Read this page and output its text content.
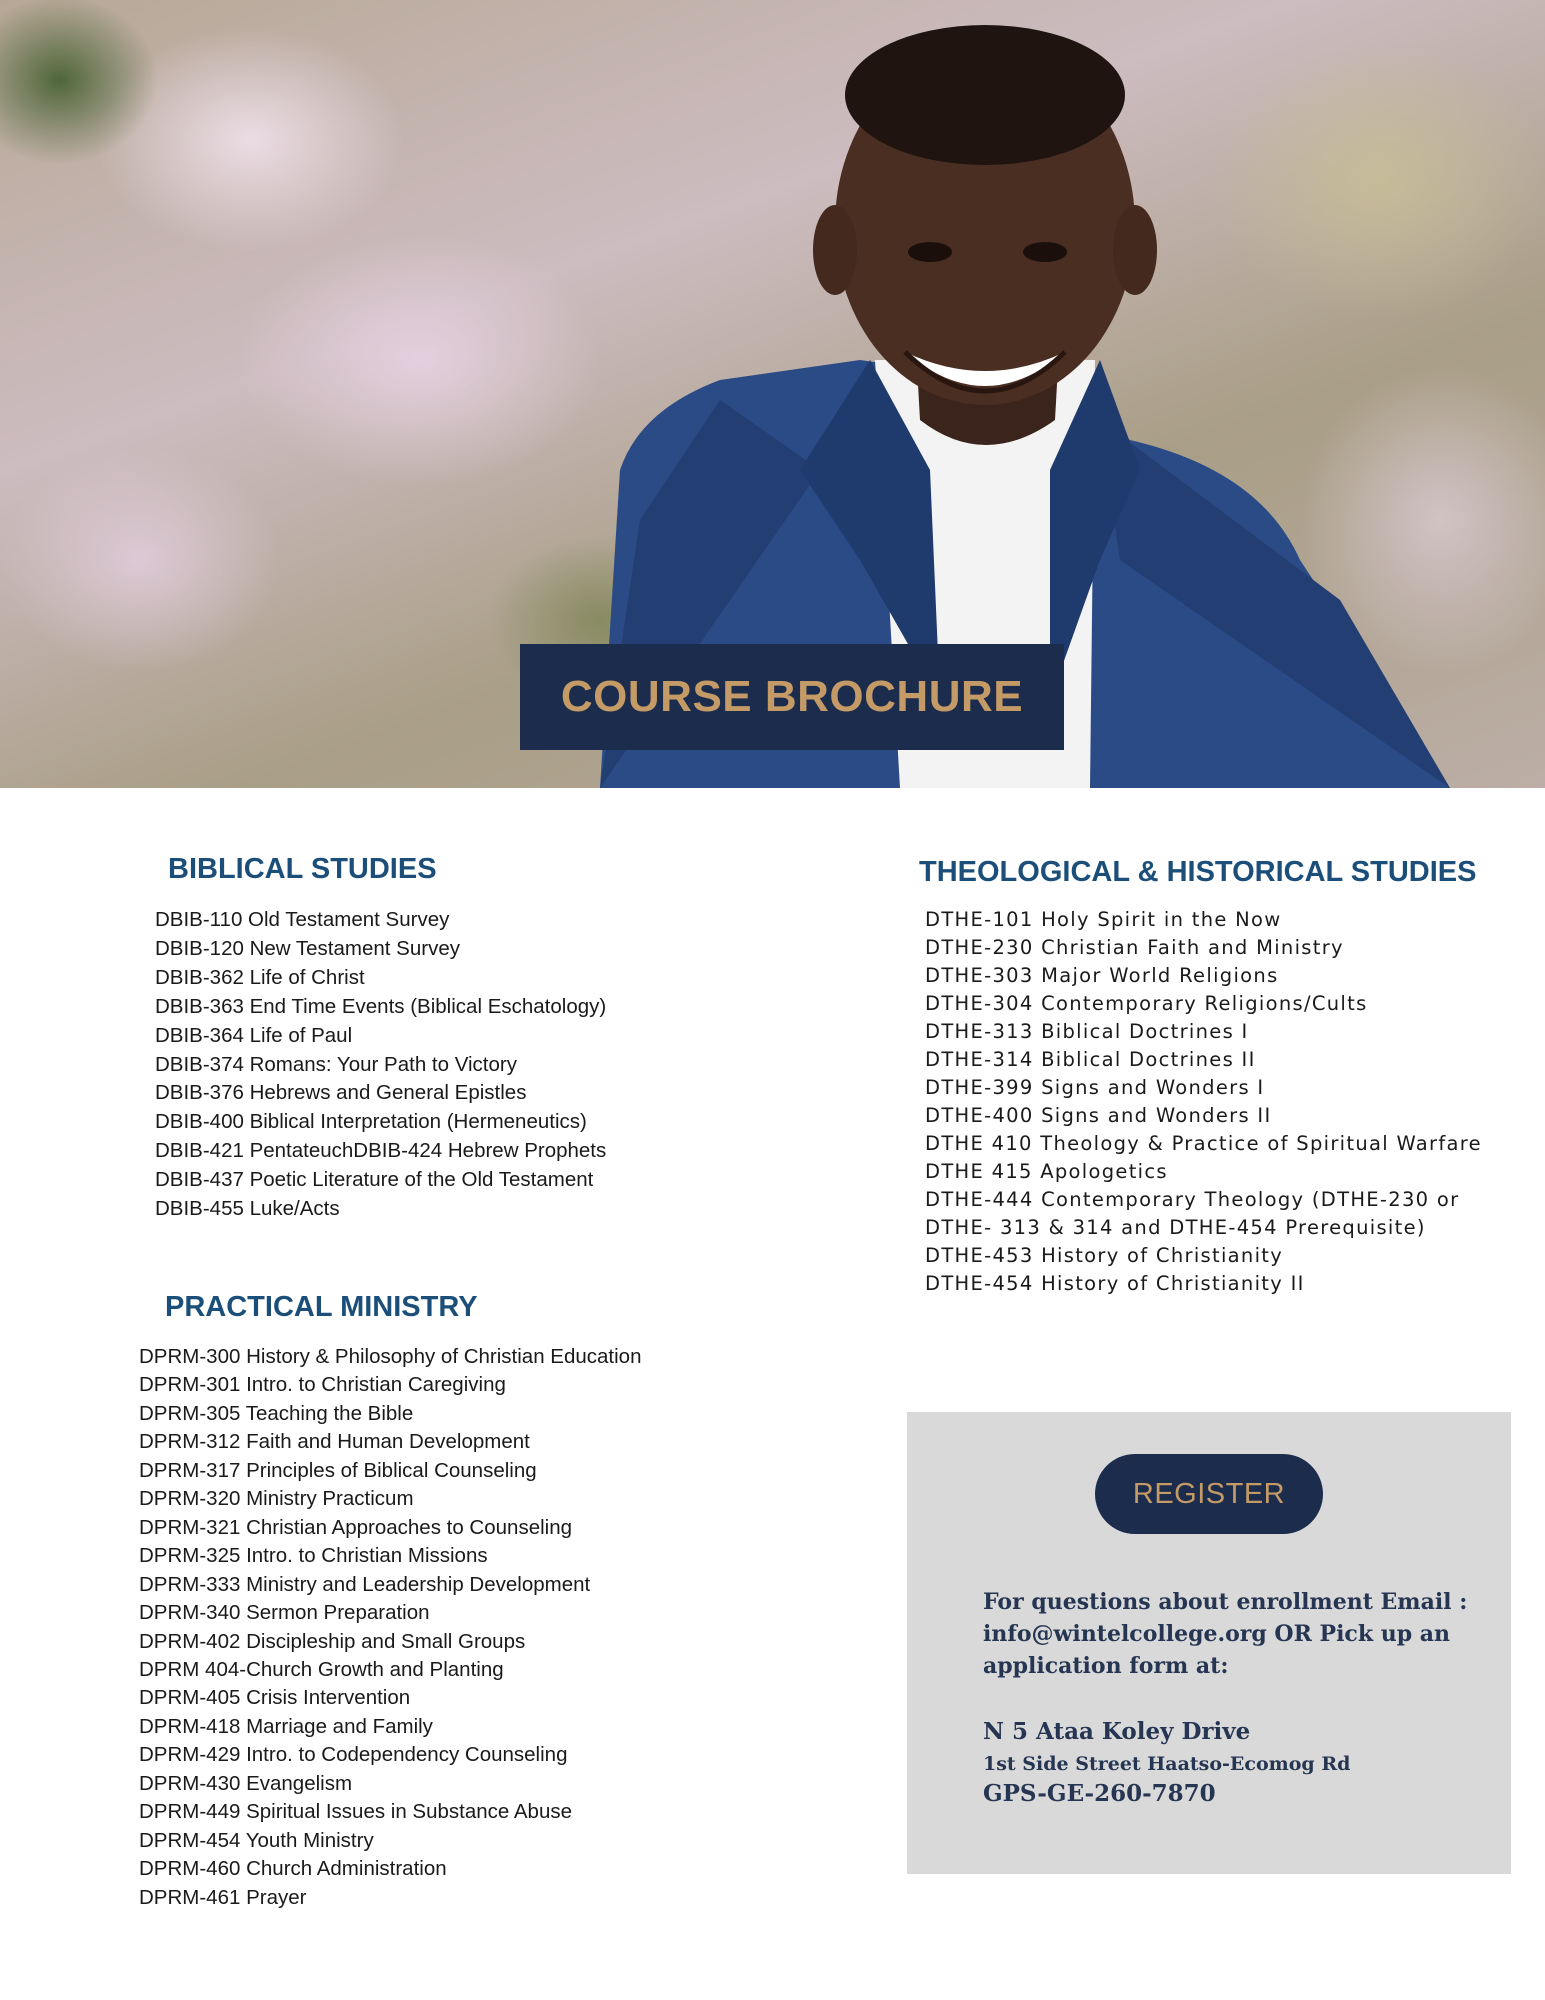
COURSE BROCHURE
BIBLICAL STUDIES
DBIB-110 Old Testament Survey
DBIB-120 New Testament Survey
DBIB-362 Life of Christ
DBIB-363 End Time Events (Biblical Eschatology)
DBIB-364 Life of Paul
DBIB-374 Romans: Your Path to Victory
DBIB-376 Hebrews and General Epistles
DBIB-400 Biblical Interpretation (Hermeneutics)
DBIB-421 PentateuchDBIB-424 Hebrew Prophets
DBIB-437 Poetic Literature of the Old Testament
DBIB-455 Luke/Acts
THEOLOGICAL & HISTORICAL STUDIES
DTHE-101 Holy Spirit in the Now
DTHE-230 Christian Faith and Ministry
DTHE-303 Major World Religions
DTHE-304 Contemporary Religions/Cults
DTHE-313 Biblical Doctrines I
DTHE-314 Biblical Doctrines II
DTHE-399 Signs and Wonders I
DTHE-400 Signs and Wonders II
DTHE 410 Theology & Practice of Spiritual Warfare
DTHE 415 Apologetics
DTHE-444 Contemporary Theology (DTHE-230 or
DTHE- 313 & 314 and DTHE-454 Prerequisite)
DTHE-453 History of Christianity
DTHE-454 History of Christianity II
PRACTICAL MINISTRY
DPRM-300 History & Philosophy of Christian Education
DPRM-301 Intro. to Christian Caregiving
DPRM-305 Teaching the Bible
DPRM-312 Faith and Human Development
DPRM-317 Principles of Biblical Counseling
DPRM-320 Ministry Practicum
DPRM-321 Christian Approaches to Counseling
DPRM-325 Intro. to Christian Missions
DPRM-333 Ministry and Leadership Development
DPRM-340 Sermon Preparation
DPRM-402 Discipleship and Small Groups
DPRM 404-Church Growth and Planting
DPRM-405 Crisis Intervention
DPRM-418 Marriage and Family
DPRM-429 Intro. to Codependency Counseling
DPRM-430 Evangelism
DPRM-449 Spiritual Issues in Substance Abuse
DPRM-454 Youth Ministry
DPRM-460 Church Administration
DPRM-461 Prayer
REGISTER

For questions about enrollment Email : info@wintelcollege.org OR Pick up an application form at:

N 5 Ataa Koley Drive

1st Side Street Haatso-Ecomog Rd

GPS-GE-260-7870
